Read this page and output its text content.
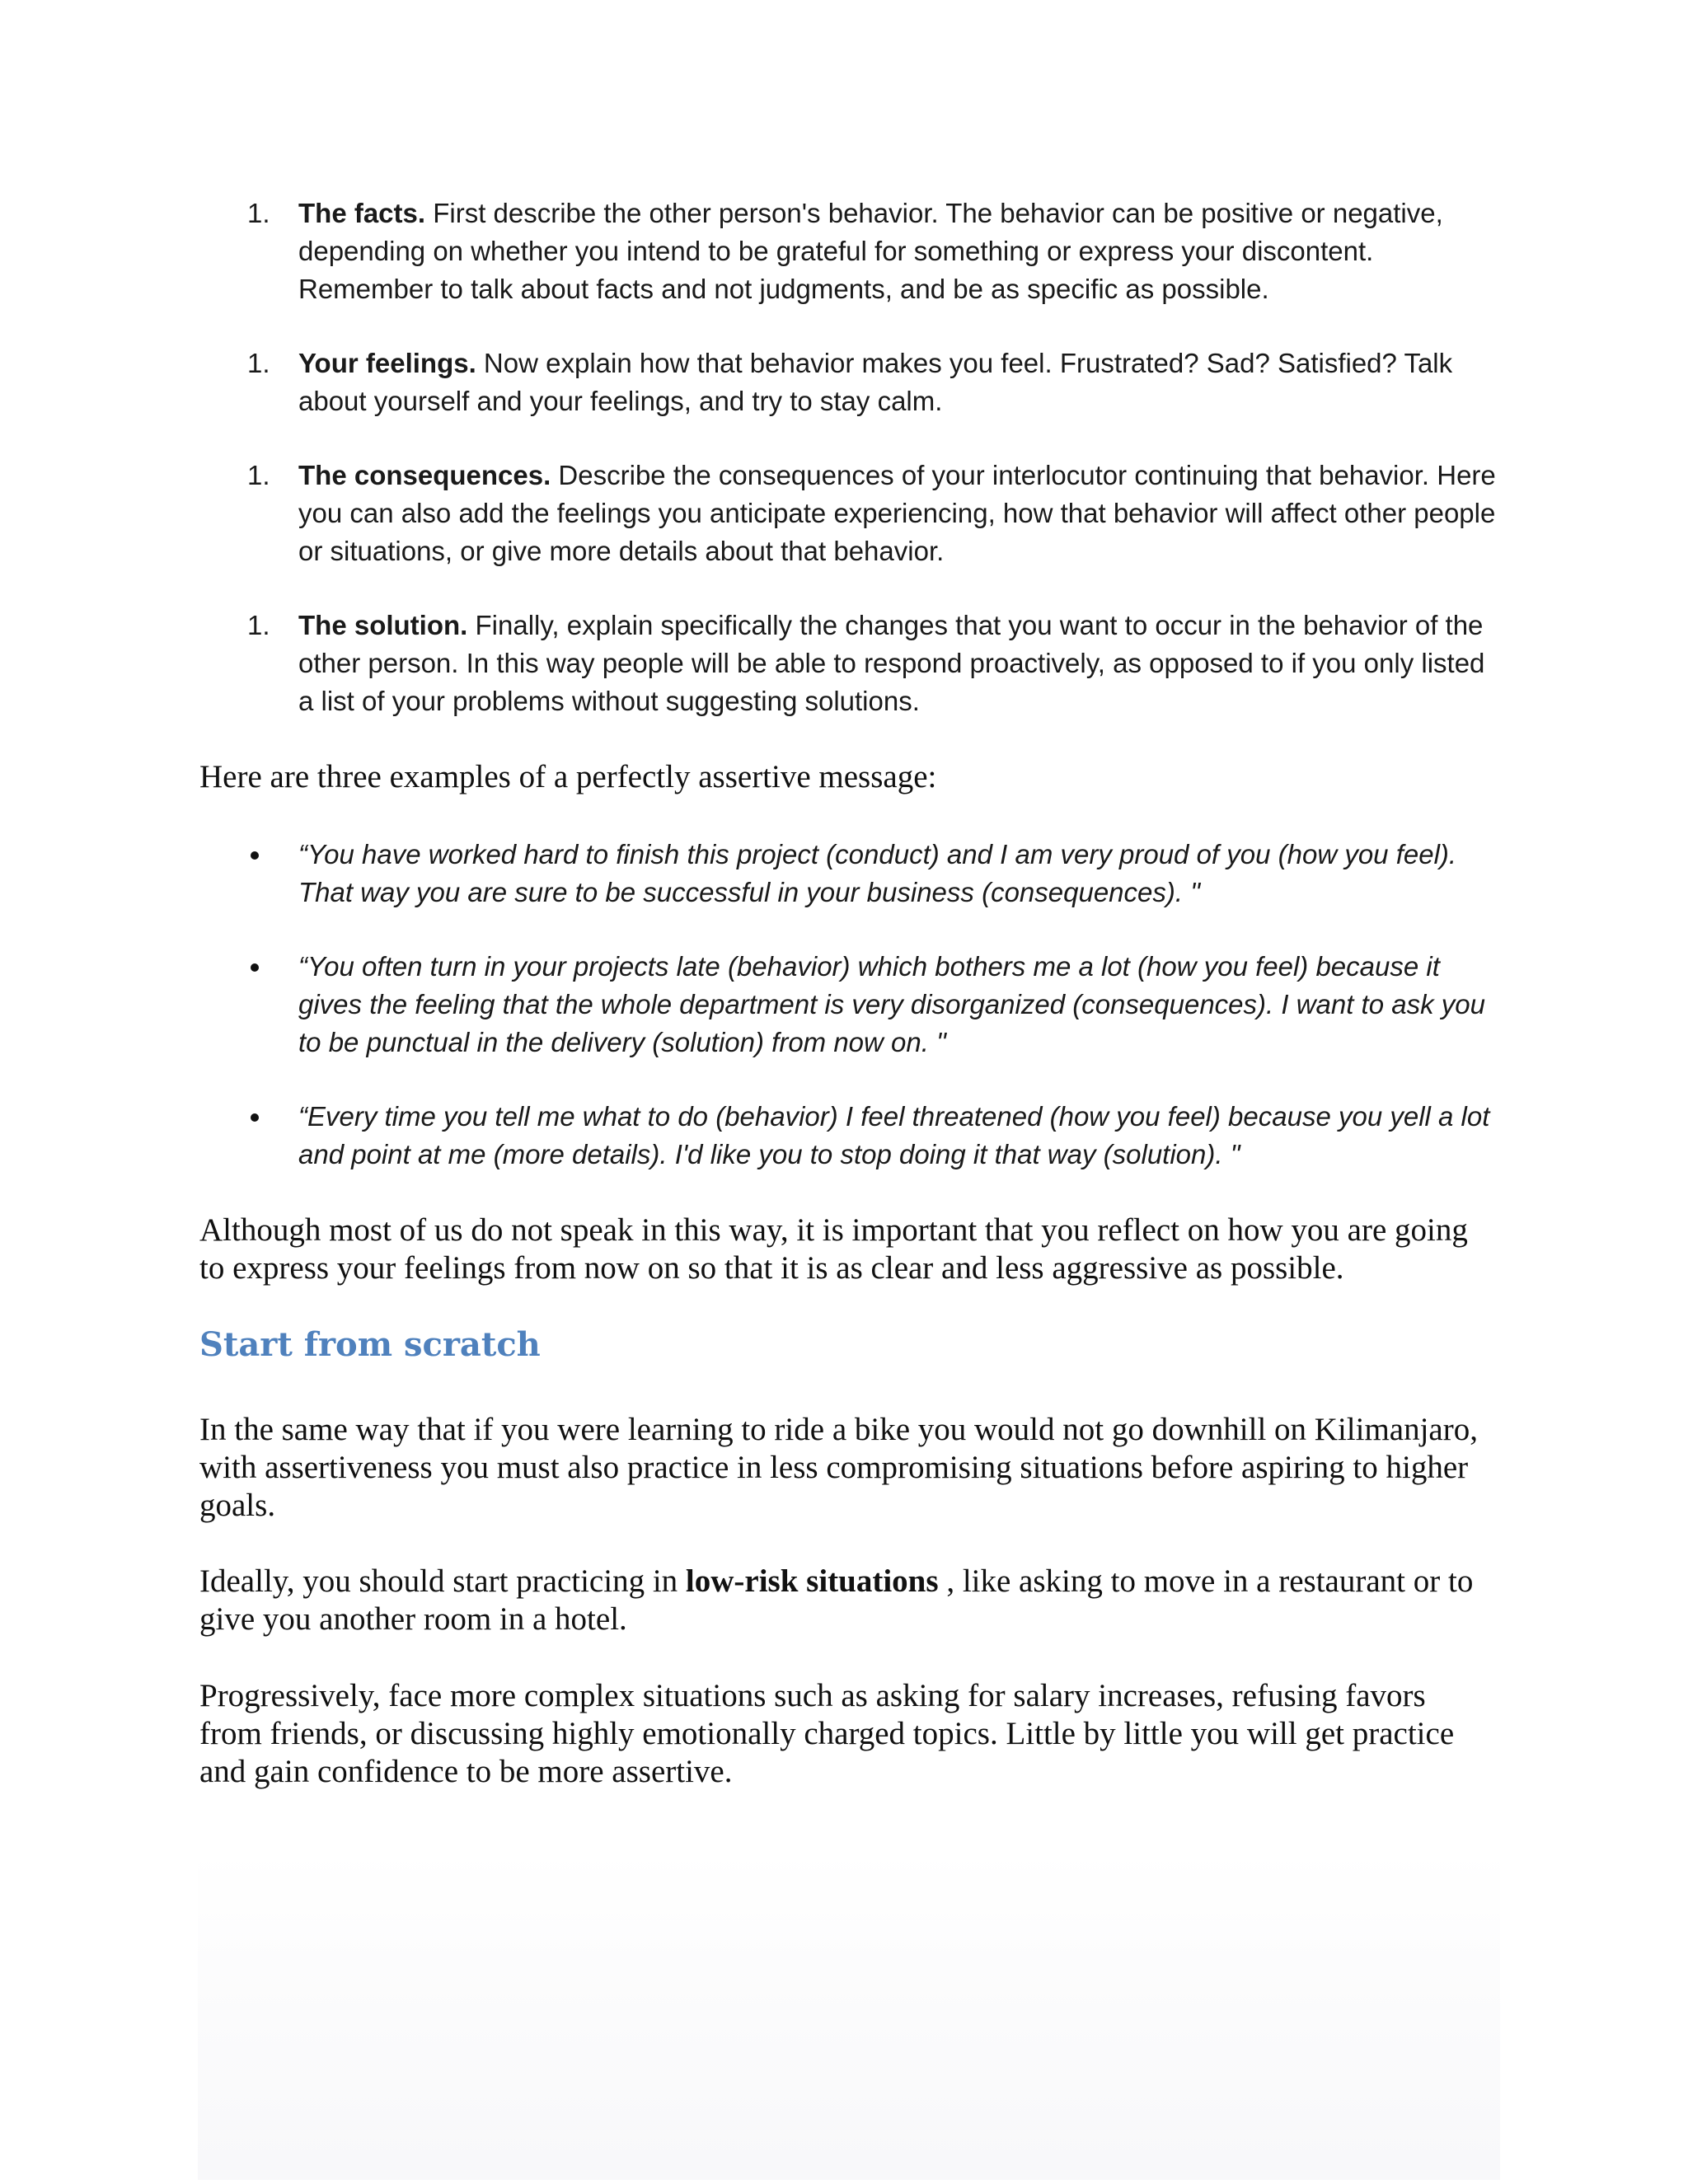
1.	The facts. First describe the other person's behavior. The behavior can be positive or negative, depending on whether you intend to be grateful for something or express your discontent. Remember to talk about facts and not judgments, and be as specific as possible.
1.	Your feelings. Now explain how that behavior makes you feel. Frustrated? Sad? Satisfied? Talk about yourself and your feelings, and try to stay calm.
1.	The consequences. Describe the consequences of your interlocutor continuing that behavior. Here you can also add the feelings you anticipate experiencing, how that behavior will affect other people or situations, or give more details about that behavior.
1.	The solution. Finally, explain specifically the changes that you want to occur in the behavior of the other person. In this way people will be able to respond proactively, as opposed to if you only listed a list of your problems without suggesting solutions.
Here are three examples of a perfectly assertive message:
“You have worked hard to finish this project (conduct) and I am very proud of you (how you feel). That way you are sure to be successful in your business (consequences). "
“You often turn in your projects late (behavior) which bothers me a lot (how you feel) because it gives the feeling that the whole department is very disorganized (consequences). I want to ask you to be punctual in the delivery (solution) from now on. "
“Every time you tell me what to do (behavior) I feel threatened (how you feel) because you yell a lot and point at me (more details). I'd like you to stop doing it that way (solution). "
Although most of us do not speak in this way, it is important that you reflect on how you are going to express your feelings from now on so that it is as clear and less aggressive as possible.
Start from scratch
In the same way that if you were learning to ride a bike you would not go downhill on Kilimanjaro, with assertiveness you must also practice in less compromising situations before aspiring to higher goals.
Ideally, you should start practicing in low-risk situations , like asking to move in a restaurant or to give you another room in a hotel.
Progressively, face more complex situations such as asking for salary increases, refusing favors from friends, or discussing highly emotionally charged topics. Little by little you will get practice and gain confidence to be more assertive.
